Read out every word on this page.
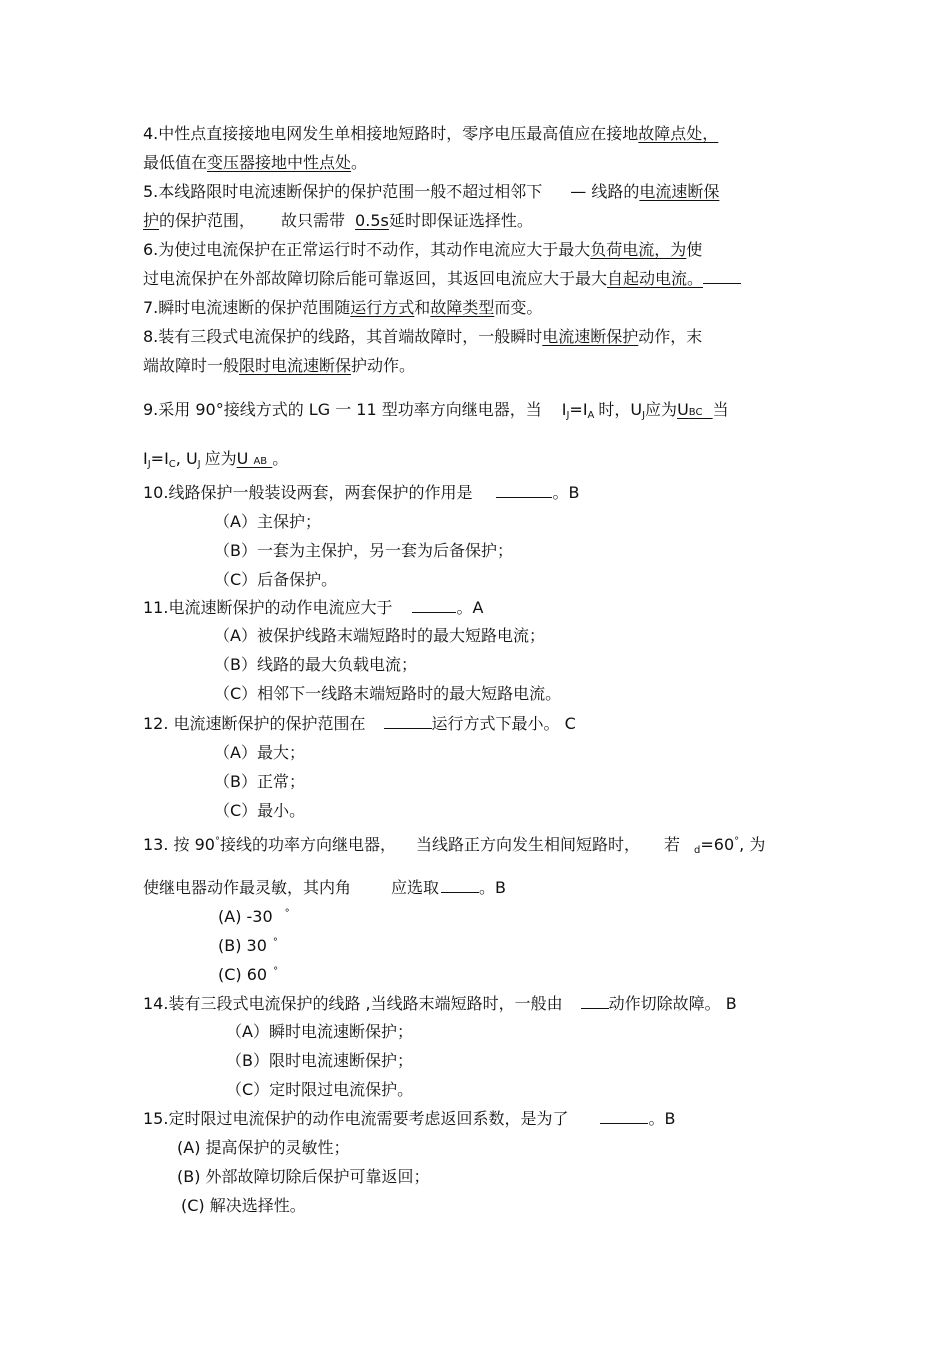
4.中性点直接接地电网发生单相接地短路时，零序电压最高值应在接地故障点处，
最低值在变压器接地中性点处。
5.本线路限时电流速断保护的保护范围一般不超过相邻下 — 线路的电流速断保
护的保护范围， 故只需带 0.5s延时即保证选择性。
6.为使过电流保护在正常运行时不动作，其动作电流应大于最大负荷电流，为使
过电流保护在外部故障切除后能可靠返回，其返回电流应大于最大自起动电流。
7.瞬时电流速断的保护范围随运行方式和故障类型而变。
8.装有三段式电流保护的线路，其首端故障时，一般瞬时电流速断保护动作，末
端故障时一般限时电流速断保护动作。
9.采用 90°接线方式的 LG 一 11 型功率方向继电器，当 IJ=IA 时，UJ应为UBC 当
IJ=IC, UJ 应为U AB 。
10.线路保护一般装设两套，两套保护的作用是	。B
（A）主保护；
（B）一套为主保护，另一套为后备保护；
（C）后备保护。
11.电流速断保护的动作电流应大于	。A
（A）被保护线路末端短路时的最大短路电流；
（B）线路的最大负载电流；
（C）相邻下一线路末端短路时的最大短路电流。
12. 电流速断保护的保护范围在	运行方式下最小。 C
（A）最大；
（B）正常；
（C）最小。
13. 按 90°接线的功率方向继电器， 当线路正方向发生相间短路时， 若 d=60°, 为
使继电器动作最灵敏，其内角	应选取	。B
(A) -30 °
(B) 30 °
(C) 60 °
14.装有三段式电流保护的线路 ,当线路末端短路时，一般由	动作切除故障。 B
（A）瞬时电流速断保护；
（B）限时电流速断保护；
（C）定时限过电流保护。
15.定时限过电流保护的动作电流需要考虑返回系数，是为了	。B
(A) 提高保护的灵敏性；
(B) 外部故障切除后保护可靠返回；
(C) 解决选择性。
